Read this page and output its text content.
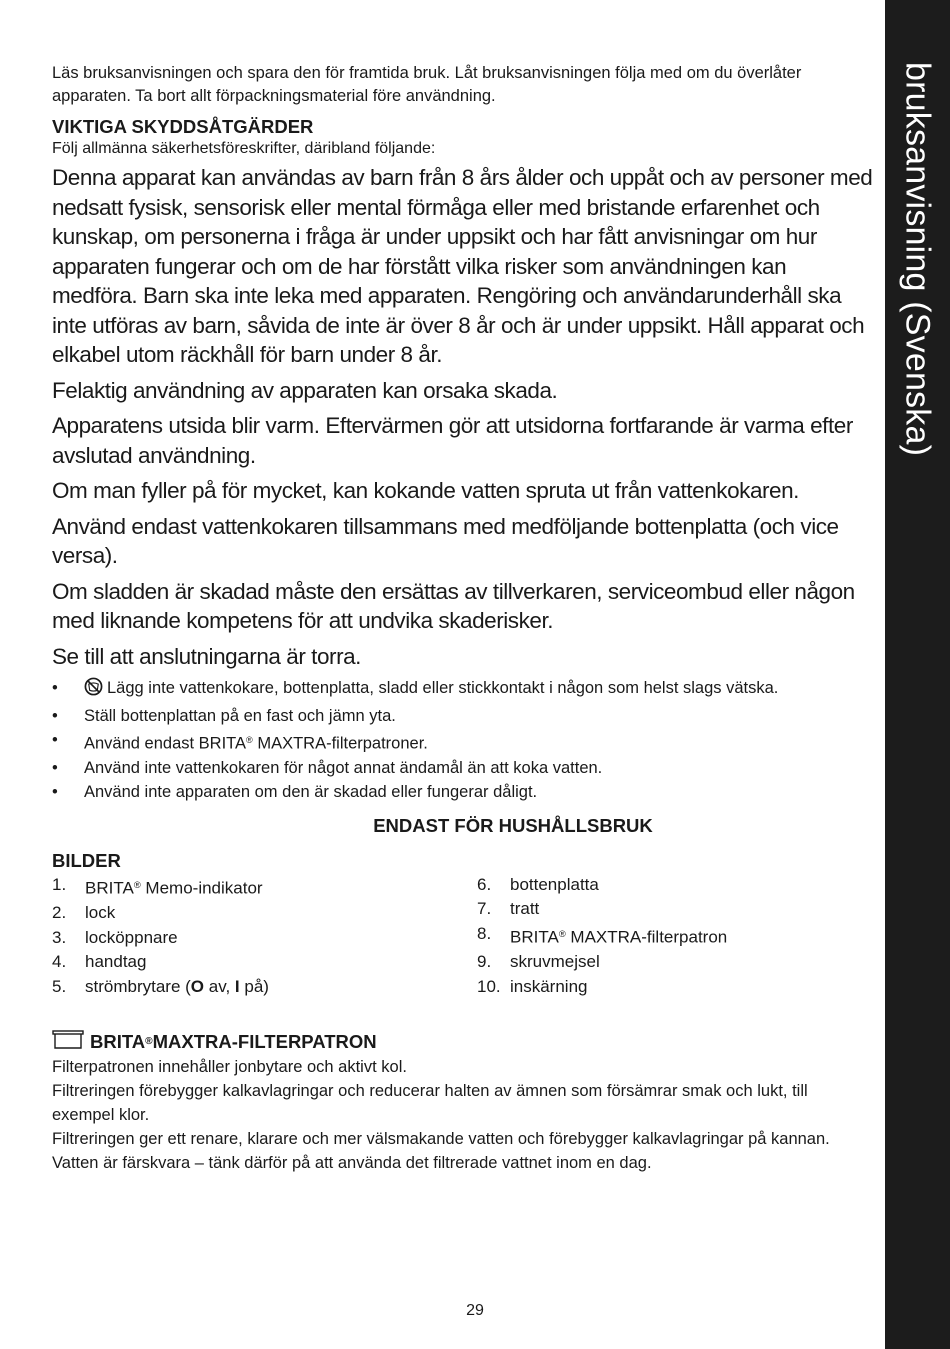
bruksanvisning (Svenska)

Läs bruksanvisningen och spara den för framtida bruk. Låt bruksanvisningen följa med om du överlåter apparaten. Ta bort allt förpackningsmaterial före användning.

VIKTIGA SKYDDSÅTGÄRDER

Följ allmänna säkerhetsföreskrifter, däribland följande:

Denna apparat kan användas av barn från 8 års ålder och uppåt och av personer med nedsatt fysisk, sensorisk eller mental förmåga eller med bristande erfarenhet och kunskap, om personerna i fråga är under uppsikt och har fått anvisningar om hur apparaten fungerar och om de har förstått vilka risker som användningen kan medföra. Barn ska inte leka med apparaten. Rengöring och användarunderhåll ska inte utföras av barn, såvida de inte är över 8 år och är under uppsikt. Håll apparat och elkabel utom räckhåll för barn under 8 år.

Felaktig användning av apparaten kan orsaka skada.

Apparatens utsida blir varm. Eftervärmen gör att utsidorna fortfarande är varma efter avslutad användning.

Om man fyller på för mycket, kan kokande vatten spruta ut från vattenkokaren.

Använd endast vattenkokaren tillsammans med medföljande bottenplatta (och vice versa).

Om sladden är skadad måste den ersättas av tillverkaren, serviceombud eller någon med liknande kompetens för att undvika skaderisker.

Se till att anslutningarna är torra.

•	Lägg inte vattenkokare, bottenplatta, sladd eller stickkontakt i någon som helst slags vätska.
• Ställ bottenplattan på en fast och jämn yta.
• Använd endast BRITA® MAXTRA-filterpatroner.
• Använd inte vattenkokaren för något annat ändamål än att koka vatten.
• Använd inte apparaten om den är skadad eller fungerar dåligt.

ENDAST FÖR HUSHÅLLSBRUK

BILDER
1.	BRITA® Memo-indikator
2.	lock
3.	locköppnare
4.	handtag
5.	strömbrytare (O av, I på)
6.	bottenplatta
7.	tratt
8.	BRITA® MAXTRA-filterpatron
9.	skruvmejsel
10. inskärning
BRITA ® MAXTRA-FILTERPATRON

Filterpatronen innehåller jonbytare och aktivt kol.

Filtreringen förebygger kalkavlagringar och reducerar halten av ämnen som försämrar smak och lukt, till exempel klor.

Filtreringen ger ett renare, klarare och mer välsmakande vatten och förebygger kalkavlagringar på kannan.

Vatten är färskvara – tänk därför på att använda det filtrerade vattnet inom en dag.

29
